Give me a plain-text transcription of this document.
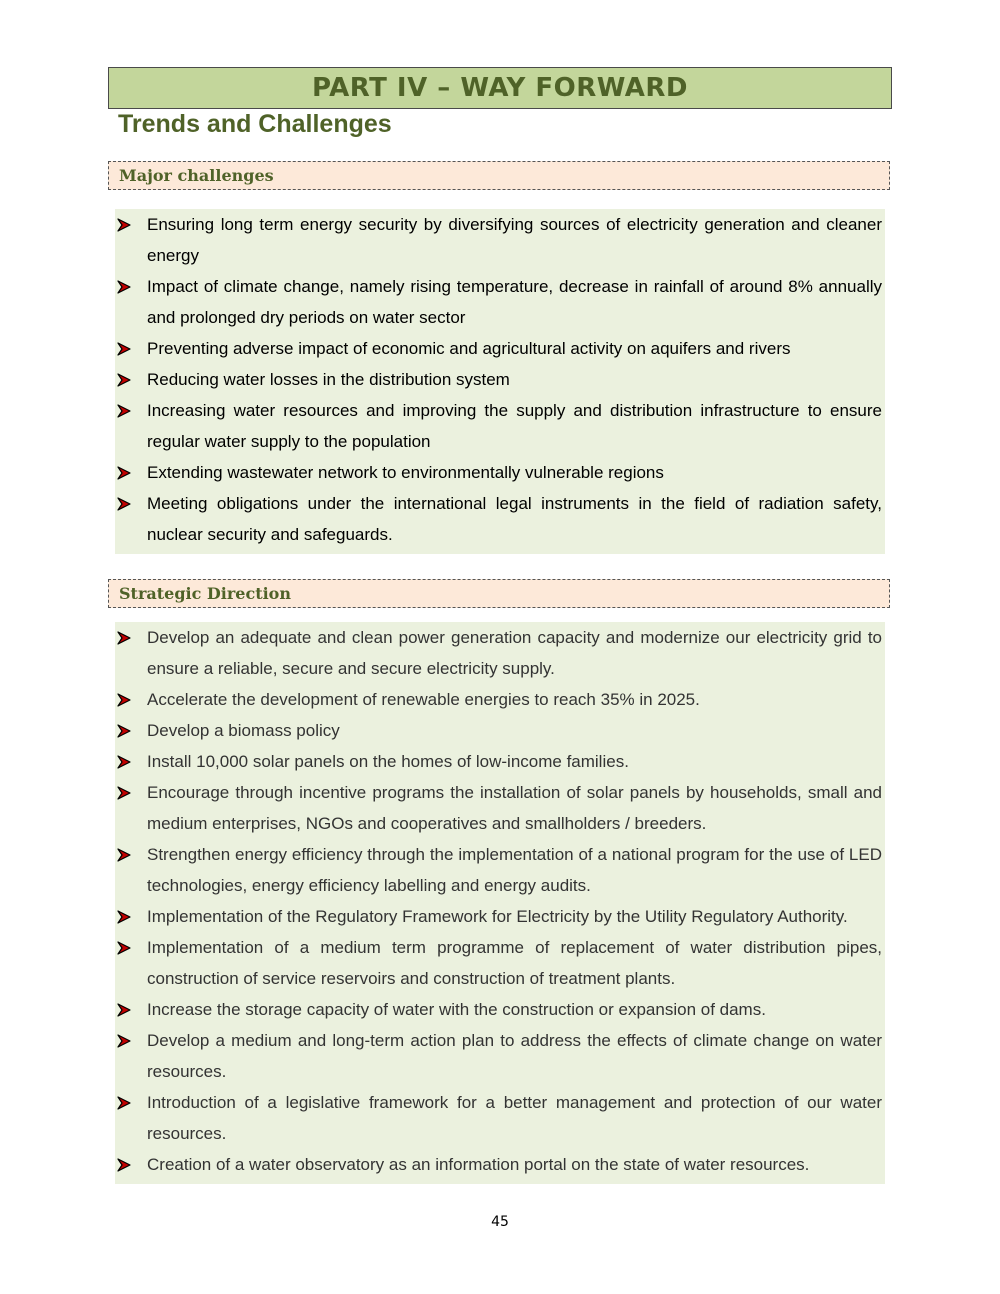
PART IV – WAY FORWARD
Trends and Challenges
Major challenges
Ensuring long term energy security by diversifying sources of electricity generation and cleaner energy
Impact of climate change, namely rising temperature, decrease in rainfall of around 8% annually and prolonged dry periods on water sector
Preventing adverse impact of economic and agricultural activity on aquifers and rivers
Reducing water losses in the distribution system
Increasing water resources and improving the supply and distribution infrastructure to ensure regular water supply to the population
Extending wastewater network to environmentally vulnerable regions
Meeting obligations under the international legal instruments in the field of radiation safety, nuclear security and safeguards.
Strategic Direction
Develop an adequate and clean power generation capacity and modernize our electricity grid to ensure a reliable, secure and secure electricity supply.
Accelerate the development of renewable energies to reach 35% in 2025.
Develop a biomass policy
Install 10,000 solar panels on the homes of low-income families.
Encourage through incentive programs the installation of solar panels by households, small and medium enterprises, NGOs and cooperatives and smallholders / breeders.
Strengthen energy efficiency through the implementation of a national program for the use of LED technologies, energy efficiency labelling and energy audits.
Implementation of the Regulatory Framework for Electricity by the Utility Regulatory Authority.
Implementation of a medium term programme of replacement of water distribution pipes, construction of service reservoirs and construction of treatment plants.
Increase the storage capacity of water with the construction or expansion of dams.
Develop a medium and long-term action plan to address the effects of climate change on water resources.
Introduction of a legislative framework for a better management and protection of our water resources.
Creation of a water observatory as an information portal on the state of water resources.
45
